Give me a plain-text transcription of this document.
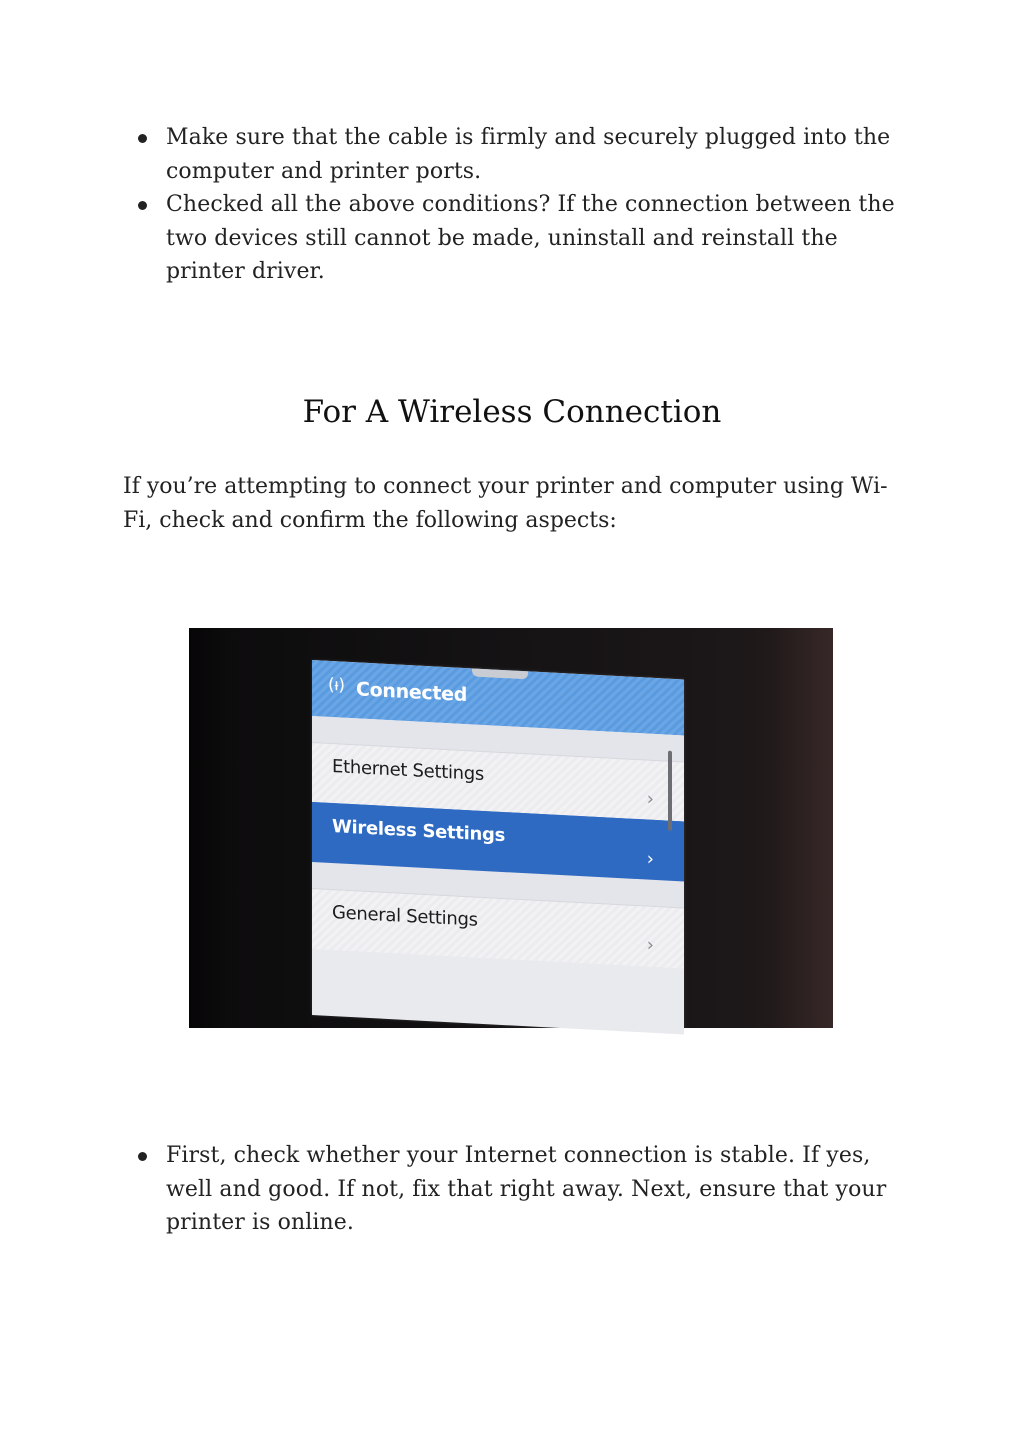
Make sure that the cable is firmly and securely plugged into the computer and printer ports.
Checked all the above conditions? If the connection between the two devices still cannot be made, uninstall and reinstall the printer driver.
For A Wireless Connection

If you’re attempting to connect your printer and computer using Wi-Fi, check and confirm the following aspects:

(ᵼ) Connected
Ethernet Settings
›
Wireless Settings
›
General Settings
›
First, check whether your Internet connection is stable. If yes, well and good. If not, fix that right away. Next, ensure that your printer is online.
